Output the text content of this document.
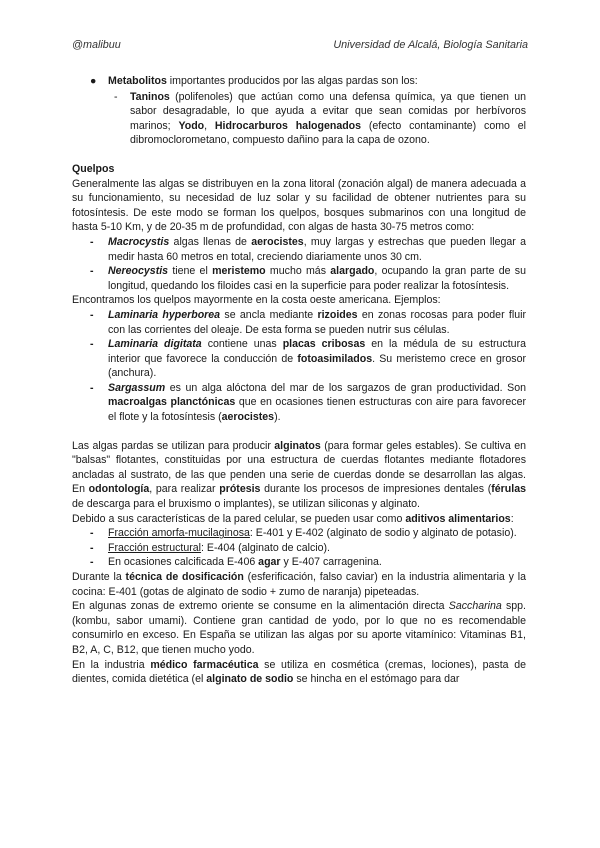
@malibuu	Universidad de Alcalá, Biología Sanitaria
● Metabolitos importantes producidos por las algas pardas son los:
- Taninos (polifenoles) que actúan como una defensa química, ya que tienen un sabor desagradable, lo que ayuda a evitar que sean comidas por herbívoros marinos; Yodo, Hidrocarburos halogenados (efecto contaminante) como el dibromoclorometano, compuesto dañino para la capa de ozono.

Quelpos

Generalmente las algas se distribuyen en la zona litoral (zonación algal) de manera adecuada a su funcionamiento, su necesidad de luz solar y su facilidad de obtener nutrientes para su fotosíntesis. De este modo se forman los quelpos, bosques submarinos con una longitud de hasta 5-10 Km, y de 20-35 m de profundidad, con algas de hasta 30-75 metros como:

- Macrocystis algas llenas de aerocistes, muy largas y estrechas que pueden llegar a medir hasta 60 metros en total, creciendo diariamente unos 30 cm.
- Nereocystis tiene el meristemo mucho más alargado, ocupando la gran parte de su longitud, quedando los filoides casi en la superficie para poder realizar la fotosíntesis.

Encontramos los quelpos mayormente en la costa oeste americana. Ejemplos:

- Laminaria hyperborea se ancla mediante rizoides en zonas rocosas para poder fluir con las corrientes del oleaje. De esta forma se pueden nutrir sus células.
- Laminaria digitata contiene unas placas cribosas en la médula de su estructura interior que favorece la conducción de fotoasimilados. Su meristemo crece en grosor (anchura).
- Sargassum es un alga alóctona del mar de los sargazos de gran productividad. Son macroalgas planctónicas que en ocasiones tienen estructuras con aire para favorecer el flote y la fotosíntesis (aerocistes).

Las algas pardas se utilizan para producir alginatos (para formar geles estables). Se cultiva en "balsas" flotantes, constituidas por una estructura de cuerdas flotantes mediante flotadores ancladas al sustrato, de las que penden una serie de cuerdas donde se desarrollan las algas. En odontología, para realizar prótesis durante los procesos de impresiones dentales (férulas de descarga para el bruxismo o implantes), se utilizan siliconas y alginato.

Debido a sus características de la pared celular, se pueden usar como aditivos alimentarios:

- Fracción amorfa-mucilaginosa: E-401 y E-402 (alginato de sodio y alginato de potasio).
- Fracción estructural: E-404 (alginato de calcio).
- En ocasiones calcificada E-406 agar y E-407 carragenina.

Durante la técnica de dosificación (esferificación, falso caviar) en la industria alimentaria y la cocina: E-401 (gotas de alginato de sodio + zumo de naranja) pipeteadas.

En algunas zonas de extremo oriente se consume en la alimentación directa Saccharina spp. (kombu, sabor umami). Contiene gran cantidad de yodo, por lo que no es recomendable consumirlo en exceso. En España se utilizan las algas por su aporte vitamínico: Vitaminas B1, B2, A, C, B12, que tienen mucho yodo.

En la industria médico farmacéutica se utiliza en cosmética (cremas, lociones), pasta de dientes, comida dietética (el alginato de sodio se hincha en el estómago para dar
